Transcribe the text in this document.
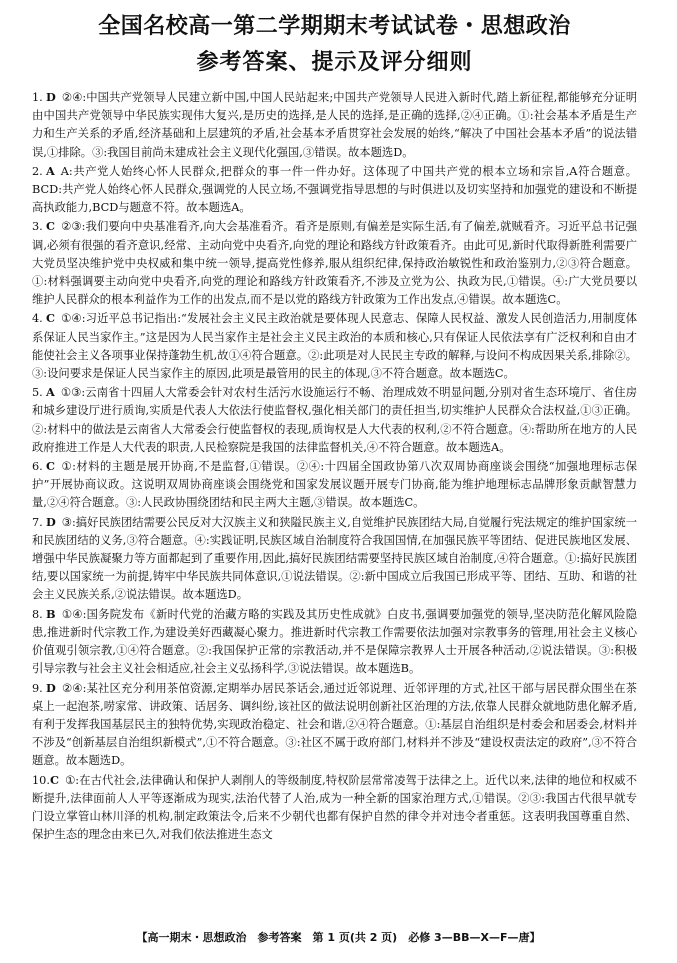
全国名校高一第二学期期末考试试卷・思想政治
参考答案、提示及评分细则

1. D ②④:中国共产党领导人民建立新中国,中国人民站起来;中国共产党领导人民进入新时代,踏上新征程,都能够充分证明由中国共产党领导中华民族实现伟大复兴,是历史的选择,是人民的选择,是正确的选择,②④正确。①:社会基本矛盾是生产力和生产关系的矛盾,经济基础和上层建筑的矛盾,社会基本矛盾贯穿社会发展的始终,“解决了中国社会基本矛盾”的说法错误,①排除。③:我国目前尚未建成社会主义现代化强国,③错误。故本题选D。

2. A A:共产党人始终心怀人民群众,把群众的事一件一件办好。这体现了中国共产党的根本立场和宗旨,A符合题意。BCD:共产党人始终心怀人民群众,强调党的人民立场,不强调党指导思想的与时俱进以及切实坚持和加强党的建设和不断提高执政能力,BCD与题意不符。故本题选A。

3. C ②③:我们要向中央基准看齐,向大会基准看齐。看齐是原则,有偏差是实际生活,有了偏差,就贼看齐。习近平总书记强调,必须有很强的看齐意识,经常、主动向党中央看齐,向党的理论和路线方针政策看齐。由此可见,新时代取得新胜利需要广大党员坚决维护党中央权威和集中统一领导,提高党性修养,服从组织纪律,保持政治敏锐性和政治鉴别力,②③符合题意。①:材料强调要主动向党中央看齐,向党的理论和路线方针政策看齐,不涉及立党为公、执政为民,①错误。④:广大党员要以维护人民群众的根本利益作为工作的出发点,而不是以党的路线方针政策为工作出发点,④错误。故本题选C。

4. C ①④:习近平总书记指出:“发展社会主义民主政治就是要体现人民意志、保障人民权益、激发人民创造活力,用制度体系保证人民当家作主。”这是因为人民当家作主是社会主义民主政治的本质和核心,只有保证人民依法享有广泛权利和自由才能使社会主义各项事业保持蓬勃生机,故①④符合题意。②:此项是对人民民主专政的解释,与设问不构成因果关系,排除②。③:设问要求是保证人民当家作主的原因,此项是最管用的民主的体现,③不符合题意。故本题选C。

5. A ①③:云南省十四届人大常委会针对农村生活污水设施运行不畅、治理成效不明显问题,分别对省生态环境厅、省住房和城乡建设厅进行质询,实质是代表人大依法行使监督权,强化相关部门的责任担当,切实维护人民群众合法权益,①③正确。②:材料中的做法是云南省人大常委会行使监督权的表现,质询权是人大代表的权利,②不符合题意。④:帮助所在地方的人民政府推进工作是人大代表的职责,人民检察院是我国的法律监督机关,④不符合题意。故本题选A。

6. C ①:材料的主题是展开协商,不是监督,①错误。②④:十四届全国政协第八次双周协商座谈会围绕“加强地理标志保护”开展协商议政。这说明双周协商座谈会围绕党和国家发展议题开展专门协商,能为维护地理标志品牌形象贡献智慧力量,②④符合题意。③:人民政协围绕团结和民主两大主题,③错误。故本题选C。

7. D ③:搞好民族团结需要公民反对大汉族主义和狭隘民族主义,自觉维护民族团结大局,自觉履行宪法规定的维护国家统一和民族团结的义务,③符合题意。④:实践证明,民族区域自治制度符合我国国情,在加强民族平等团结、促进民族地区发展、增强中华民族凝聚力等方面都起到了重要作用,因此,搞好民族团结需要坚持民族区域自治制度,④符合题意。①:搞好民族团结,要以国家统一为前提,铸牢中华民族共同体意识,①说法错误。②:新中国成立后我国已形成平等、团结、互助、和谐的社会主义民族关系,②说法错误。故本题选D。

8. B ①④:国务院发布《新时代党的治藏方略的实践及其历史性成就》白皮书,强调要加强党的领导,坚决防范化解风险隐患,推进新时代宗教工作,为建设美好西藏凝心聚力。推进新时代宗教工作需要依法加强对宗教事务的管理,用社会主义核心价值观引领宗教,①④符合题意。②:我国保护正常的宗教活动,并不是保障宗教界人士开展各种活动,②说法错误。③:积极引导宗教与社会主义社会相适应,社会主义弘扬科学,③说法错误。故本题选B。

9. D ②④:某社区充分利用茶倌资源,定期举办居民茶话会,通过近邻说理、近邻评理的方式,社区干部与居民群众围坐在茶桌上一起泡茶,唠家常、讲政策、话居务、调纠纷,该社区的做法说明创新社区治理的方法,依靠人民群众就地防患化解矛盾,有利于发挥我国基层民主的独特优势,实现政治稳定、社会和谐,②④符合题意。①:基层自治组织是村委会和居委会,材料并不涉及“创新基层自治组织新模式”,①不符合题意。③:社区不属于政府部门,材料并不涉及“建设权责法定的政府”,③不符合题意。故本题选D。

10.C ①:在古代社会,法律确认和保护人剥削人的等级制度,特权阶层常常凌驾于法律之上。近代以来,法律的地位和权威不断提升,法律面前人人平等逐渐成为现实,法治代替了人治,成为一种全新的国家治理方式,①错误。②③:我国古代很早就专门设立掌管山林川泽的机构,制定政策法令,后来不少朝代也都有保护自然的律令并对违令者重惩。这表明我国尊重自然、保护生态的理念由来已久,对我们依法推进生态文

【高一期末・思想政治　参考答案　第 1 页(共 2 页)　必修 3—BB—X—F—唐】
